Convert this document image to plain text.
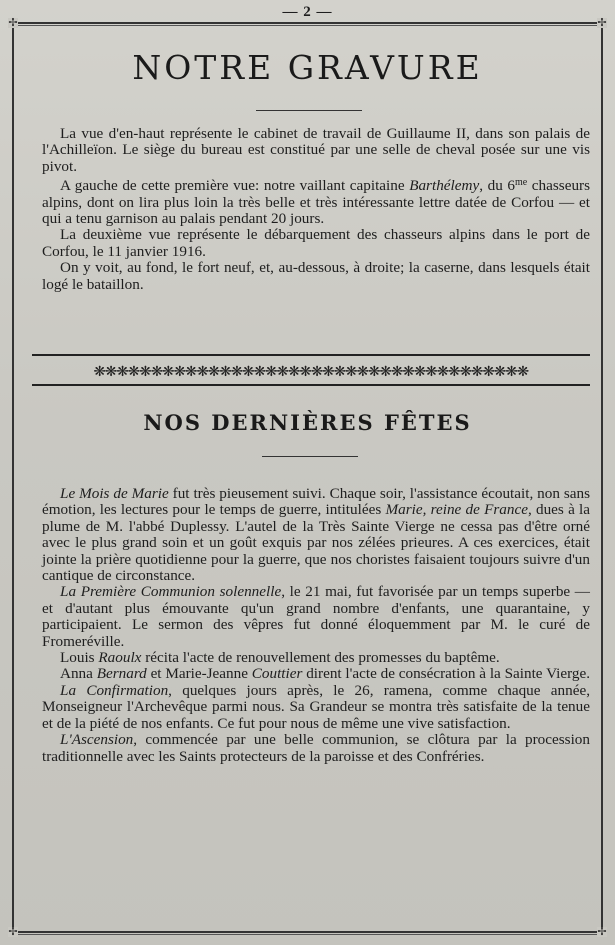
— 2 —
✢	✢
✢	✢
NOTRE GRAVURE

La vue d'en-haut représente le cabinet de travail de Guillaume II, dans son palais de l'Achilleïon. Le siège du bureau est constitué par une selle de cheval posée sur une vis pivot.

A gauche de cette première vue: notre vaillant capitaine Barthélemy, du $6^{me}$ chasseurs alpins, dont on lira plus loin la très belle et très intéressante lettre datée de Corfou — et qui a tenu garnison au palais pendant 20 jours.

La deuxième vue représente le débarquement des chasseurs alpins dans le port de Corfou, le 11 janvier 1916.

On y voit, au fond, le fort neuf, et, au-dessous, à droite; la caserne, dans lesquels était logé le bataillon.

❋❋❋❋❋❋❋❋❋❋❋❋❋❋❋❋❋❋❋❋❋❋❋❋❋❋❋❋❋❋❋❋❋❋❋❋❋❋
NOS DERNIÈRES FÊTES

Le Mois de Marie fut très pieusement suivi. Chaque soir, l'assistance écoutait, non sans émotion, les lectures pour le temps de guerre, intitulées Marie, reine de France, dues à la plume de M. l'abbé Duplessy. L'autel de la Très Sainte Vierge ne cessa pas d'être orné avec le plus grand soin et un goût exquis par nos zélées prieures. A ces exercices, était jointe la prière quotidienne pour la guerre, que nos choristes faisaient toujours suivre d'un cantique de circonstance.

La Première Communion solennelle, le 21 mai, fut favorisée par un temps superbe — et d'autant plus émouvante qu'un grand nombre d'enfants, une quarantaine, y participaient. Le sermon des vêpres fut donné éloquemment par M. le curé de Fromeréville.

Louis Raoulx récita l'acte de renouvellement des promesses du baptême.

Anna Bernard et Marie-Jeanne Couttier dirent l'acte de consécration à la Sainte Vierge.

La Confirmation, quelques jours après, le 26, ramena, comme chaque année, Monseigneur l'Archevêque parmi nous. Sa Grandeur se montra très satisfaite de la tenue et de la piété de nos enfants. Ce fut pour nous de même une vive satisfaction.

L'Ascension, commencée par une belle communion, se clôtura par la procession traditionnelle avec les Saints protecteurs de la paroisse et des Confréries.
